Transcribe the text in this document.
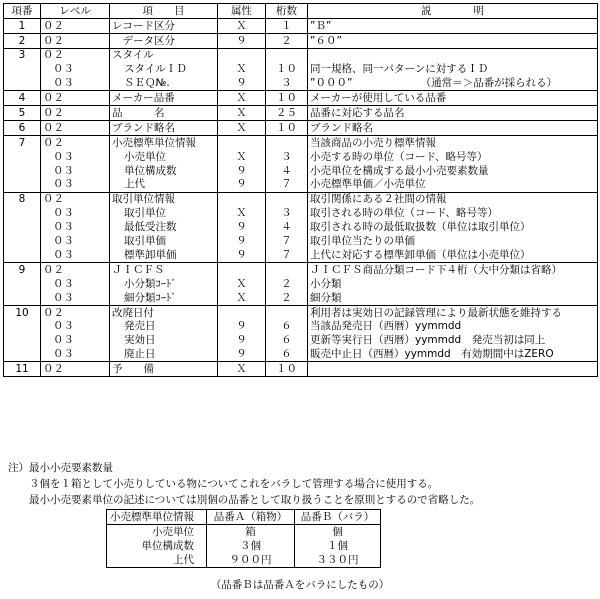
項番	レベル	項　　目	属性	桁数	説　　　　明
1	０２	レコード区分	Ｘ	１	”Ｂ”
2	０２	　データ区分	９	２	”６０”
3	０２	スタイル			
	０３	スタイルＩＤ	Ｘ	１０	同一規格、同一パターンに対するＩＤ
	０３	ＳＥＱ№.	９	３	”０００”　　　　　　　（通常＝＞品番が採られる）
4	０２	メーカー品番	Ｘ	１０	メーカーが使用している品番
5	０２	品　　　名	Ｘ	２５	品番に対応する品名
6	０２	ブランド略名	Ｘ	１０	ブランド略名
7	０２	小売標準単位情報			当該商品の小売り標準情報
	０３	小売単位	Ｘ	３	小売する時の単位（コード、略号等）
	０３	単位構成数	９	４	小売単位を構成する最小小売要素数量
	０３	上代	９	７	小売標準単価／小売単位
8	０２	取引単位情報			取引関係にある２社間の情報
	０３	取引単位	Ｘ	３	取引される時の単位（コード、略号等）
	０３	最低受注数	９	４	取引される時の最低取扱数（単位は取引単位）
	０３	取引単価	９	７	取引単位当たりの単価
	０３	標準卸単価	９	７	上代に対応する標準卸単価（単位は小売単位）
9	０２	ＪＩＣＦＳ			ＪＩＣＦＳ商品分類コード下４桁（大中分類は省略）
	０３	小分類ｺｰﾄﾞ	Ｘ	２	小分類
	０３	細分類ｺｰﾄﾞ	Ｘ	２	細分類
10	０２	改廃日付			利用者は実効日の記録管理により最新状態を維持する
	０３	発売日	９	６	当該品発売日（西暦）yymmdd
	０３	実効日	９	６	更新等実行日（西暦）yymmdd　発売当初は同上
	０３	廃止日	９	６	販売中止日（西暦）yymmdd　有効期間中はZERO
11	０２	予　　備	Ｘ	１０	
注）最小小売要素数量
３個を１箱として小売りしている物についてこれをバラして管理する場合に使用する。
最小小売要素単位の記述については別個の品番として取り扱うことを原則とするので省略した。
小売標準単位情報	品番Ａ（箱物）	品番Ｂ（バラ）
小売単位	箱	個
単位構成数	３個	１個
上代	９００円	３３０円
（品番Ｂは品番Ａをバラにしたもの）
